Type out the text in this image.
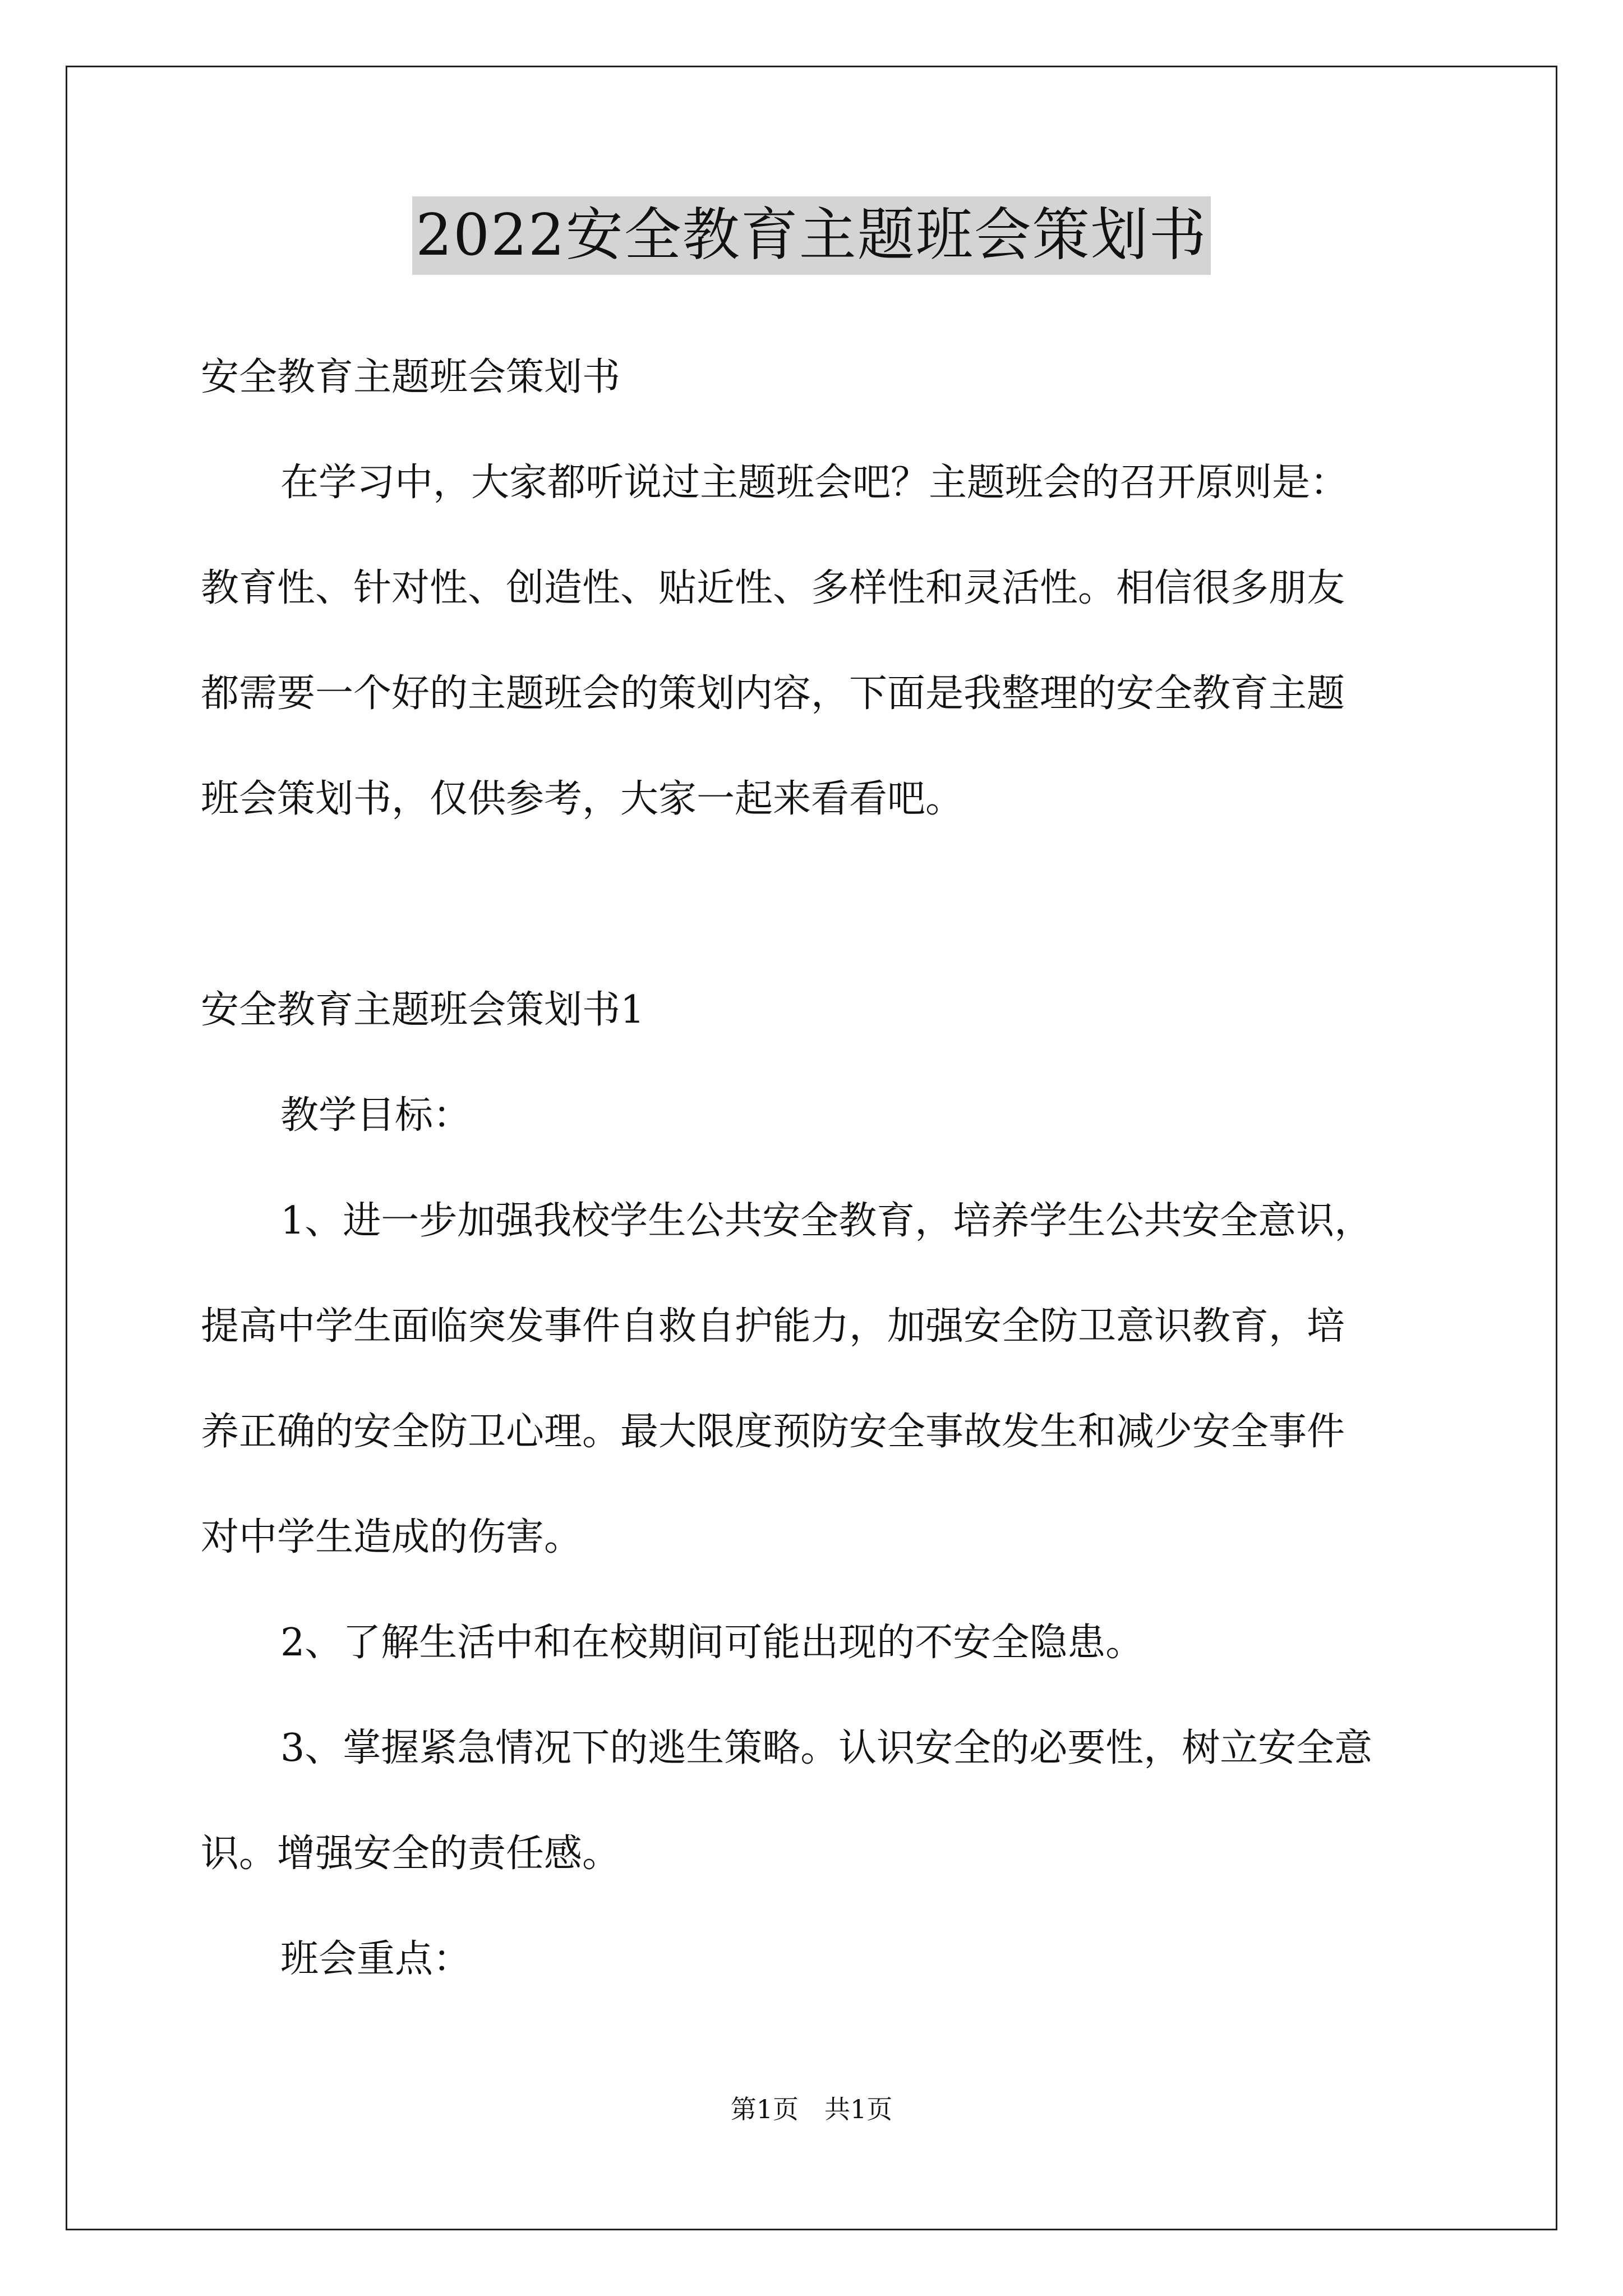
2022安全教育主题班会策划书
安全教育主题班会策划书
在学习中，大家都听说过主题班会吧？主题班会的召开原则是：
教育性、针对性、创造性、贴近性、多样性和灵活性。相信很多朋友
都需要一个好的主题班会的策划内容，下面是我整理的安全教育主题
班会策划书，仅供参考，大家一起来看看吧。
安全教育主题班会策划书1
教学目标：
1、进一步加强我校学生公共安全教育，培养学生公共安全意识，
提高中学生面临突发事件自救自护能力，加强安全防卫意识教育，培
养正确的安全防卫心理。最大限度预防安全事故发生和减少安全事件
对中学生造成的伤害。
2、了解生活中和在校期间可能出现的不安全隐患。
3、掌握紧急情况下的逃生策略。认识安全的必要性，树立安全意
识。增强安全的责任感。
班会重点：
第1页　共1页
